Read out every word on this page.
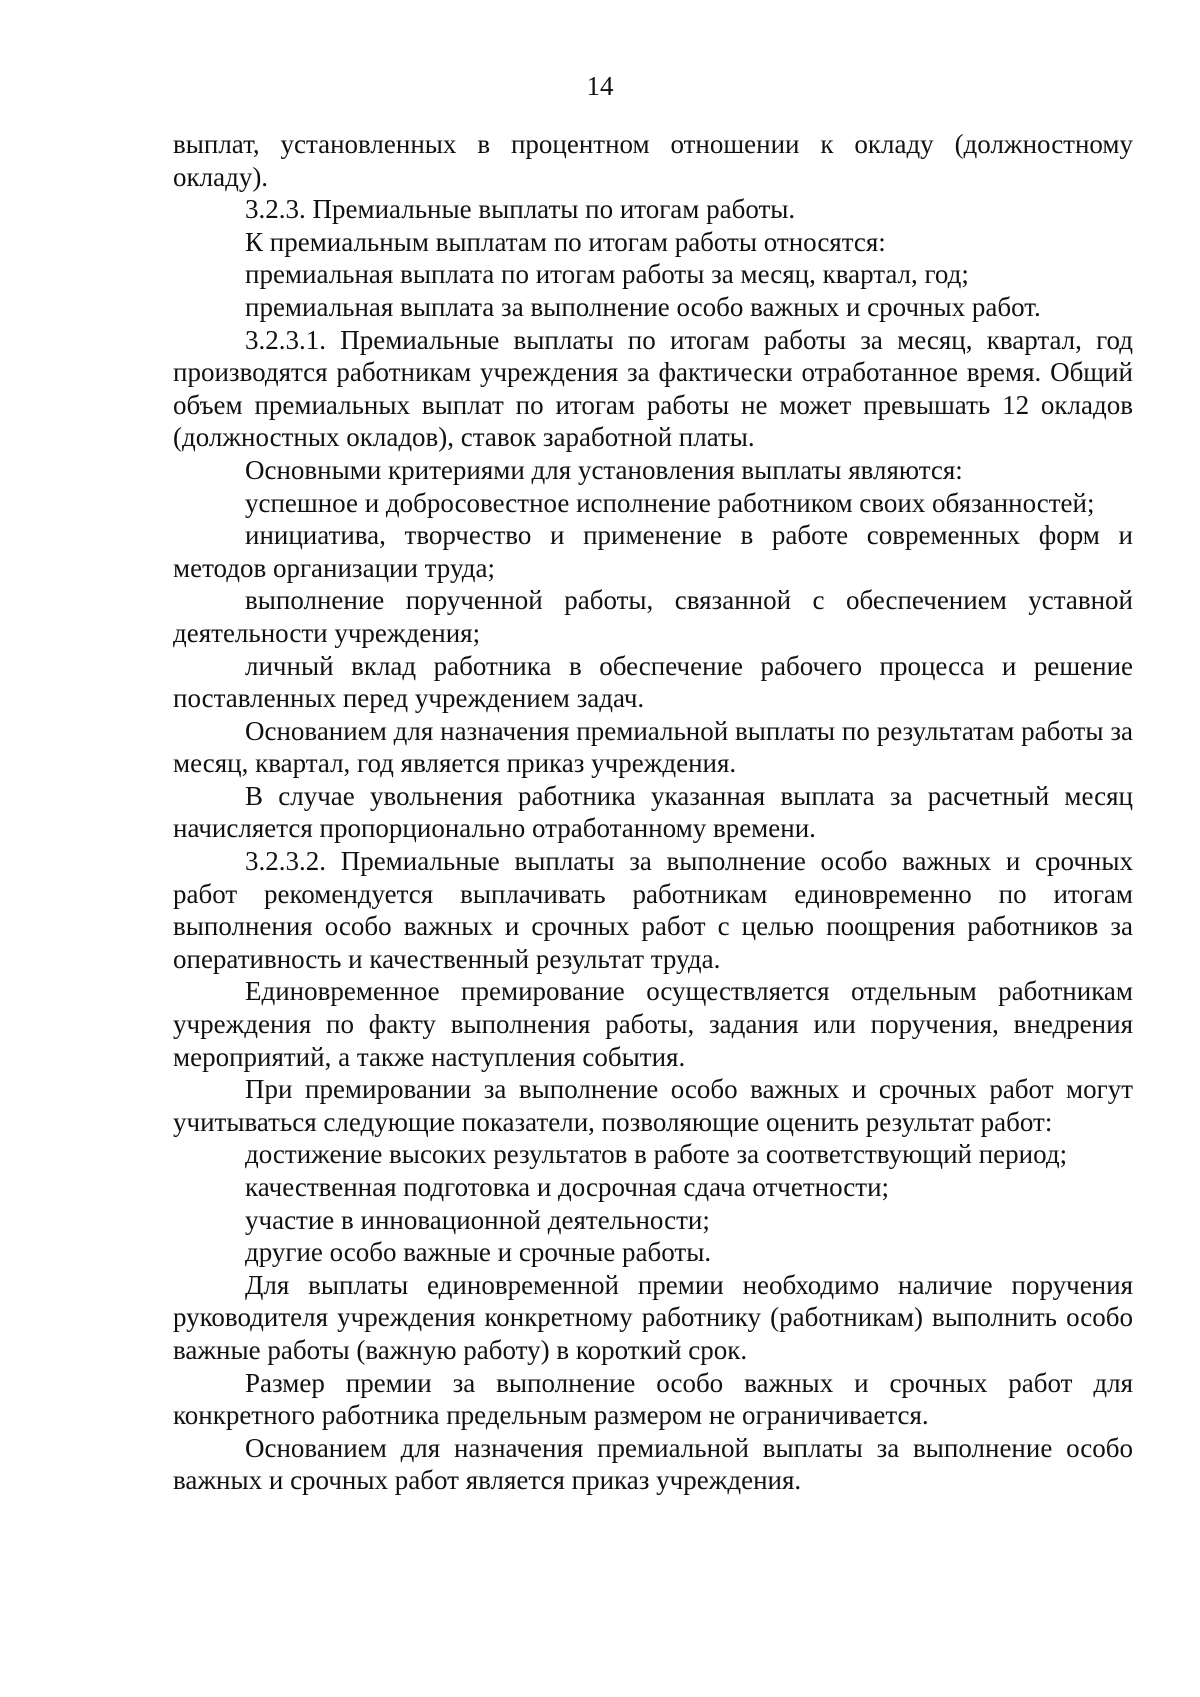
14

выплат, установленных в процентном отношении к окладу (должностному окладу).

3.2.3. Премиальные выплаты по итогам работы.

К премиальным выплатам по итогам работы относятся:

премиальная выплата по итогам работы за месяц, квартал, год;

премиальная выплата за выполнение особо важных и срочных работ.

3.2.3.1. Премиальные выплаты по итогам работы за месяц, квартал, год производятся работникам учреждения за фактически отработанное время. Общий объем премиальных выплат по итогам работы не может превышать 12 окладов (должностных окладов), ставок заработной платы.

Основными критериями для установления выплаты являются:

успешное и добросовестное исполнение работником своих обязанностей;

инициатива, творчество и применение в работе современных форм и методов организации труда;

выполнение порученной работы, связанной с обеспечением уставной деятельности учреждения;

личный вклад работника в обеспечение рабочего процесса и решение поставленных перед учреждением задач.

Основанием для назначения премиальной выплаты по результатам работы за месяц, квартал, год является приказ учреждения.

В случае увольнения работника указанная выплата за расчетный месяц начисляется пропорционально отработанному времени.

3.2.3.2. Премиальные выплаты за выполнение особо важных и срочных работ рекомендуется выплачивать работникам единовременно по итогам выполнения особо важных и срочных работ с целью поощрения работников за оперативность и качественный результат труда.

Единовременное премирование осуществляется отдельным работникам учреждения по факту выполнения работы, задания или поручения, внедрения мероприятий, а также наступления события.

При премировании за выполнение особо важных и срочных работ могут учитываться следующие показатели, позволяющие оценить результат работ:

достижение высоких результатов в работе за соответствующий период;

качественная подготовка и досрочная сдача отчетности;

участие в инновационной деятельности;

другие особо важные и срочные работы.

Для выплаты единовременной премии необходимо наличие поручения руководителя учреждения конкретному работнику (работникам) выполнить особо важные работы (важную работу) в короткий срок.

Размер премии за выполнение особо важных и срочных работ для конкретного работника предельным размером не ограничивается.

Основанием для назначения премиальной выплаты за выполнение особо важных и срочных работ является приказ учреждения.
